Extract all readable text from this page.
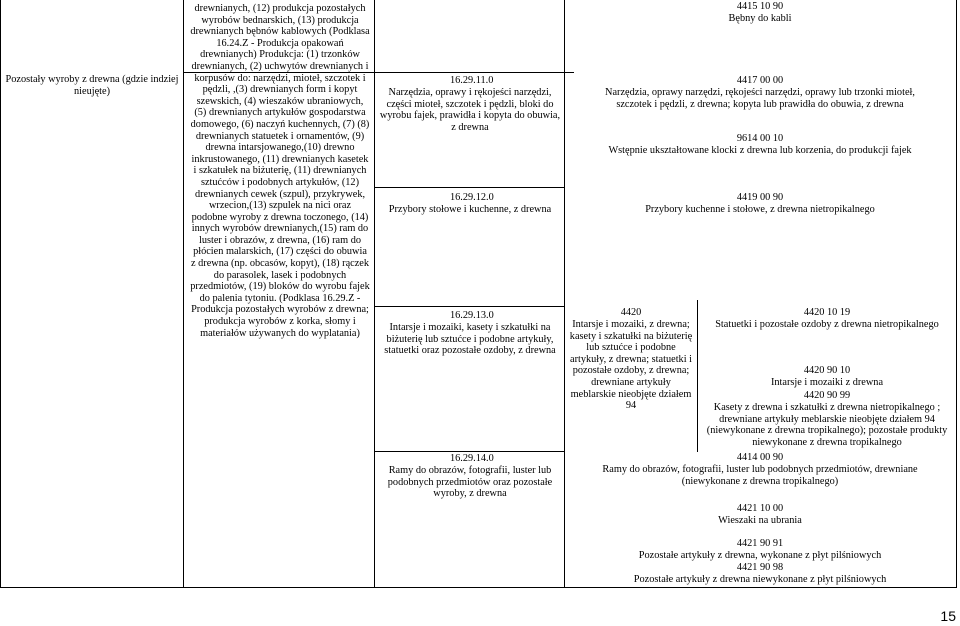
Pozostały wyroby z drewna (gdzie indziej nieujęte)
drewnianych, (12) produkcja pozostałych wyrobów bednarskich, (13) produkcja drewnianych bębnów kablowych (Podklasa 16.24.Z - Produkcja opakowań drewnianych) Produkcja: (1) trzonków drewnianych, (2) uchwytów drewnianych i korpusów do: narzędzi, mioteł, szczotek i pędzli, ,(3) drewnianych form i kopyt szewskich, (4) wieszaków ubraniowych, (5) drewnianych artykułów gospodarstwa domowego, (6) naczyń kuchennych, (7) (8) drewnianych statuetek i ornamentów, (9) drewna intarsjowanego,(10) drewno inkrustowanego, (11) drewnianych kasetek i szkatułek na biżuterię, (11) drewnianych sztućców i podobnych artykułów, (12) drewnianych cewek (szpul), przykrywek, wrzecion,(13) szpulek na nici oraz podobne wyroby z drewna toczonego, (14) innych wyrobów drewnianych,(15) ram do luster i obrazów, z drewna, (16) ram do płócien malarskich, (17) części do obuwia z drewna (np. obcasów, kopyt), (18) rączek do parasolek, lasek i podobnych przedmiotów, (19) bloków do wyrobu fajek do palenia tytoniu. (Podklasa 16.29.Z - Produkcja pozostałych wyrobów z drewna; produkcja wyrobów z korka, słomy i materiałów używanych do wyplatania)
16.29.11.0
Narzędzia, oprawy i rękojeści narzędzi, części mioteł, szczotek i pędzli, bloki do wyrobu fajek, prawidła i kopyta do obuwia, z drewna
16.29.12.0
Przybory stołowe i kuchenne, z drewna
16.29.13.0
Intarsje i mozaiki, kasety i szkatułki na biżuterię lub sztućce i podobne artykuły, statuetki oraz pozostałe ozdoby, z drewna
16.29.14.0
Ramy do obrazów, fotografii, luster lub podobnych przedmiotów oraz pozostałe wyroby, z drewna
4420
Intarsje i mozaiki, z drewna; kasety i szkatułki na biżuterię lub sztućce i podobne artykuły, z drewna; statuetki i pozostałe ozdoby, z drewna; drewniane artykuły meblarskie nieobjęte działem 94
4415 10 90
Bębny do kabli
4417 00 00
Narzędzia, oprawy narzędzi, rękojeści narzędzi, oprawy lub trzonki mioteł, szczotek i pędzli, z drewna; kopyta lub prawidła do obuwia, z drewna
9614 00 10
Wstępnie ukształtowane klocki z drewna lub korzenia, do produkcji fajek
4419 00 90
Przybory kuchenne i stołowe, z drewna nietropikalnego
4420 10 19
Statuetki i pozostałe ozdoby z drewna nietropikalnego
4420 90 10
Intarsje i mozaiki z drewna
4420 90 99
Kasety z drewna i szkatułki z drewna nietropikalnego ; drewniane artykuły meblarskie nieobjęte działem 94 (niewykonane z drewna tropikalnego); pozostałe produkty niewykonane z drewna tropikalnego
4414 00 90
Ramy do obrazów, fotografii, luster lub podobnych przedmiotów, drewniane (niewykonane z drewna tropikalnego)
4421 10 00
Wieszaki na ubrania
4421 90 91
Pozostałe artykuły z drewna, wykonane z płyt pilśniowych
4421 90 98
Pozostałe artykuły z drewna niewykonane z płyt pilśniowych
15
